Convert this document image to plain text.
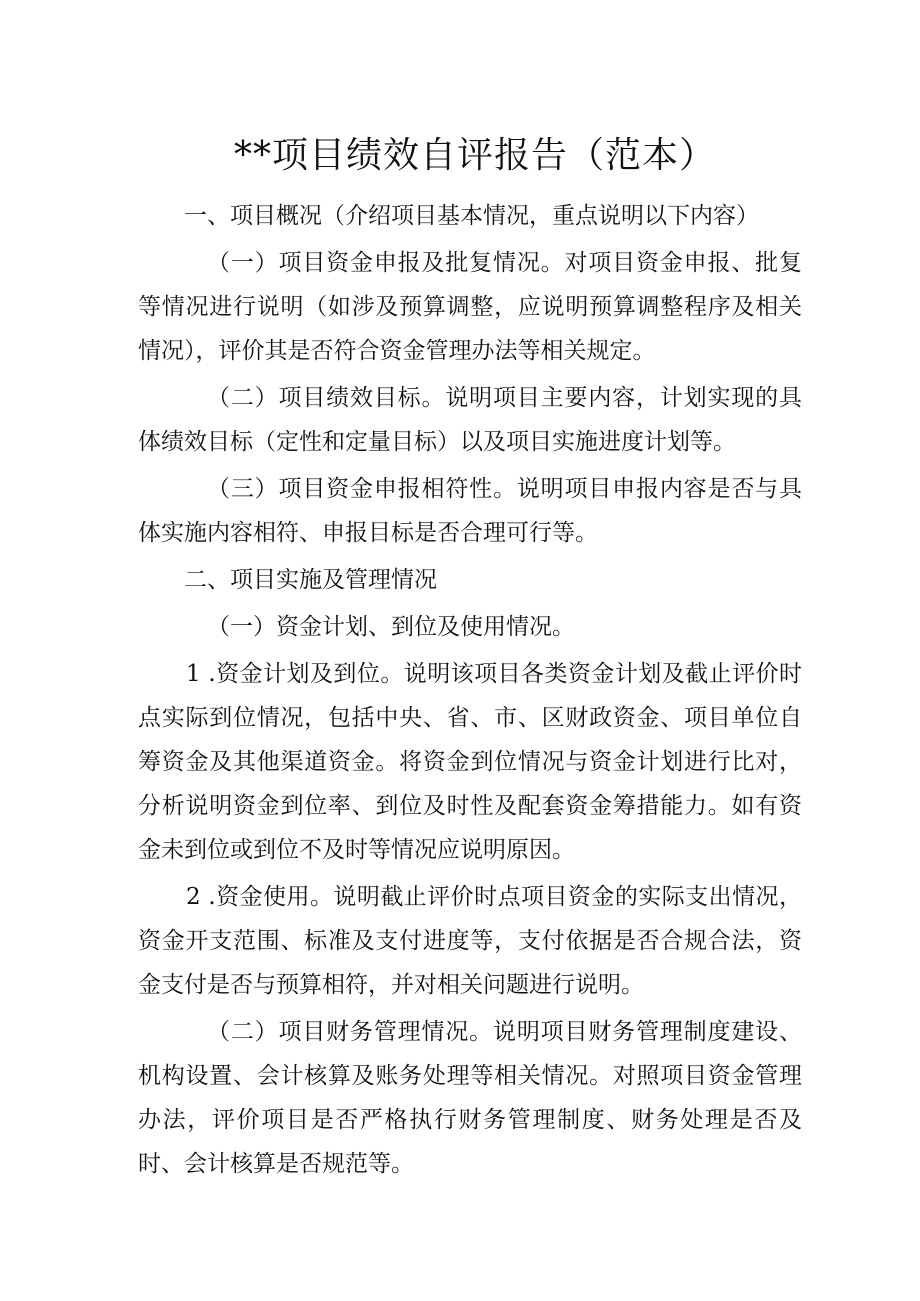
**项目绩效自评报告（范本）

一、项目概况（介绍项目基本情况，重点说明以下内容）

（一）项目资金申报及批复情况。对项目资金申报、批复等情况进行说明（如涉及预算调整，应说明预算调整程序及相关情况），评价其是否符合资金管理办法等相关规定。

（二）项目绩效目标。说明项目主要内容，计划实现的具体绩效目标（定性和定量目标）以及项目实施进度计划等。

（三）项目资金申报相符性。说明项目申报内容是否与具体实施内容相符、申报目标是否合理可行等。

二、项目实施及管理情况

（一）资金计划、到位及使用情况。

1 .资金计划及到位。说明该项目各类资金计划及截止评价时点实际到位情况，包括中央、省、市、区财政资金、项目单位自筹资金及其他渠道资金。将资金到位情况与资金计划进行比对，分析说明资金到位率、到位及时性及配套资金筹措能力。如有资金未到位或到位不及时等情况应说明原因。

2 .资金使用。说明截止评价时点项目资金的实际支出情况，资金开支范围、标准及支付进度等，支付依据是否合规合法，资金支付是否与预算相符，并对相关问题进行说明。

（二）项目财务管理情况。说明项目财务管理制度建设、机构设置、会计核算及账务处理等相关情况。对照项目资金管理办法，评价项目是否严格执行财务管理制度、财务处理是否及时、会计核算是否规范等。
